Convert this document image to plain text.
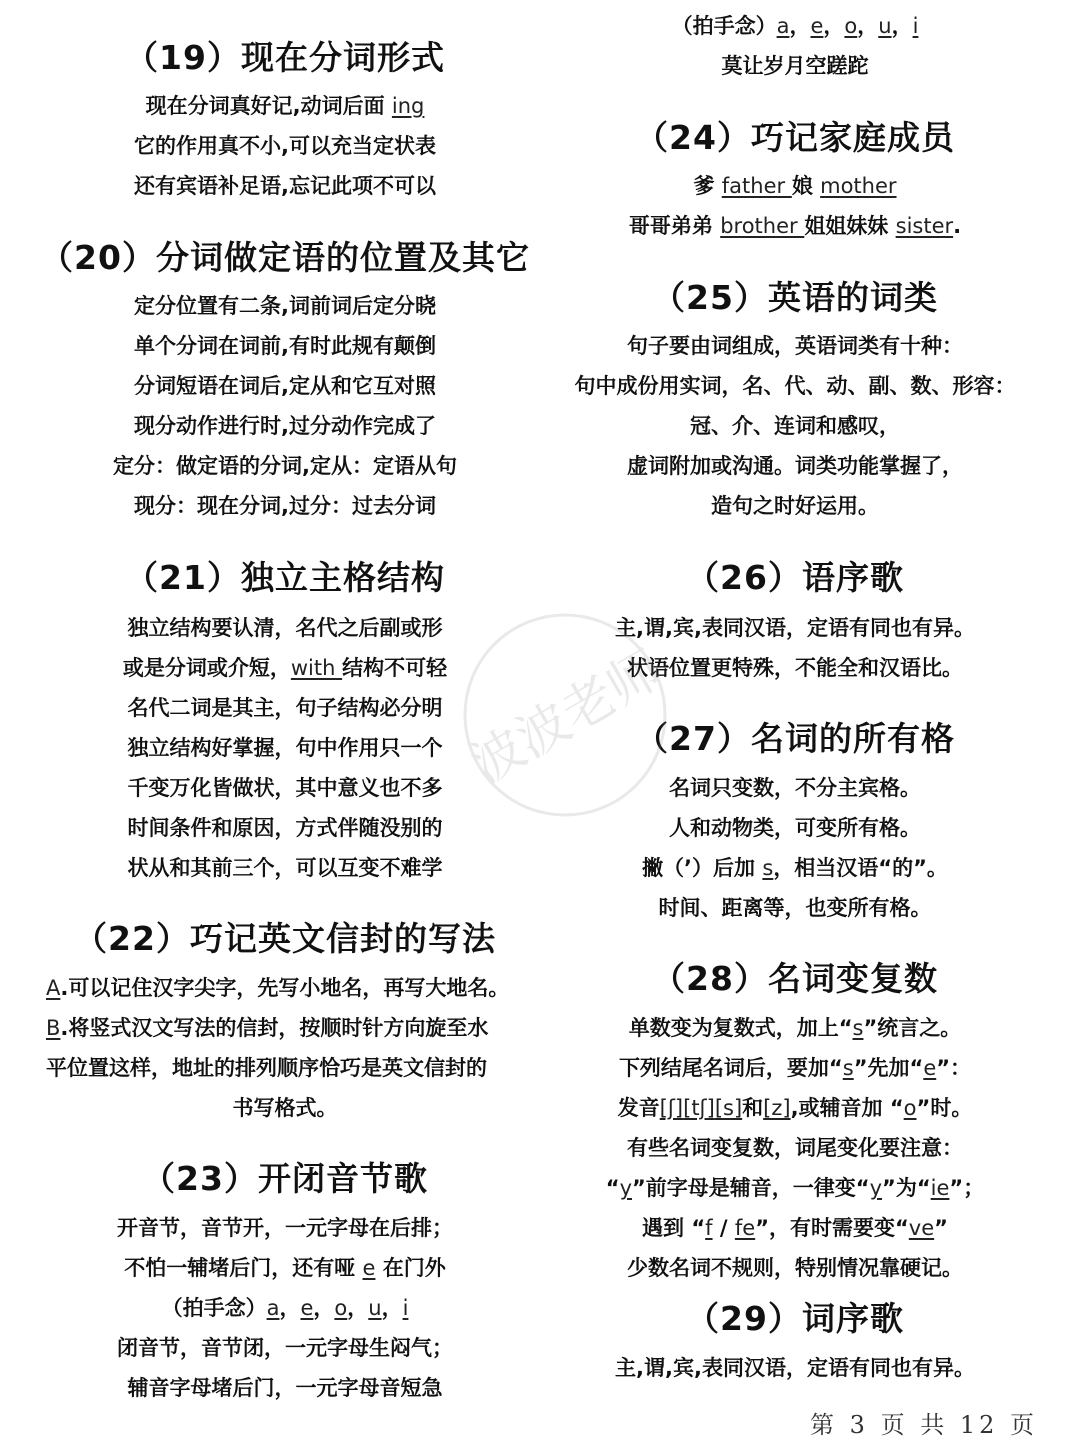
（19）现在分词形式
现在分词真好记,动词后面 ing
它的作用真不小,可以充当定状表
还有宾语补足语,忘记此项不可以
（20）分词做定语的位置及其它
定分位置有二条,词前词后定分晓
单个分词在词前,有时此规有颠倒
分词短语在词后,定从和它互对照
现分动作进行时,过分动作完成了
定分：做定语的分词,定从：定语从句
现分：现在分词,过分：过去分词
（21）独立主格结构
独立结构要认清，名代之后副或形
或是分词或介短，with 结构不可轻
名代二词是其主，句子结构必分明
独立结构好掌握，句中作用只一个
千变万化皆做状，其中意义也不多
时间条件和原因，方式伴随没别的
状从和其前三个，可以互变不难学
（22）巧记英文信封的写法
A.可以记住汉字尖字，先写小地名，再写大地名。
B.将竖式汉文写法的信封，按顺时针方向旋至水
平位置这样，地址的排列顺序恰巧是英文信封的
书写格式。
（23）开闭音节歌
开音节，音节开，一元字母在后排；
不怕一辅堵后门，还有哑 e 在门外
（拍手念）a，e，o，u，i
闭音节，音节闭，一元字母生闷气；
辅音字母堵后门，一元字母音短急
（拍手念）a，e，o，u，i
莫让岁月空蹉跎
（24）巧记家庭成员
爹 father 娘 mother
哥哥弟弟 brother 姐姐妹妹 sister.
（25）英语的词类
句子要由词组成，英语词类有十种：
句中成份用实词，名、代、动、副、数、形容：
冠、介、连词和感叹，
虚词附加或沟通。词类功能掌握了，
造句之时好运用。
（26）语序歌
主,谓,宾,表同汉语，定语有同也有异。
状语位置更特殊，不能全和汉语比。
（27）名词的所有格
名词只变数，不分主宾格。
人和动物类，可变所有格。
撇（’）后加 s，相当汉语“的”。
时间、距离等，也变所有格。
（28）名词变复数
单数变为复数式，加上“s”统言之。
下列结尾名词后，要加“s”先加“e”：
发音[ʃ][tʃ][s]和[z],或辅音加 “o”时。
有些名词变复数，词尾变化要注意：
“y”前字母是辅音，一律变“y”为“ie”；
遇到 “f / fe”，有时需要变“ve”
少数名词不规则，特别情况靠硬记。
（29）词序歌
主,谓,宾,表同汉语，定语有同也有异。
波波老师
第 3 页 共 12 页
